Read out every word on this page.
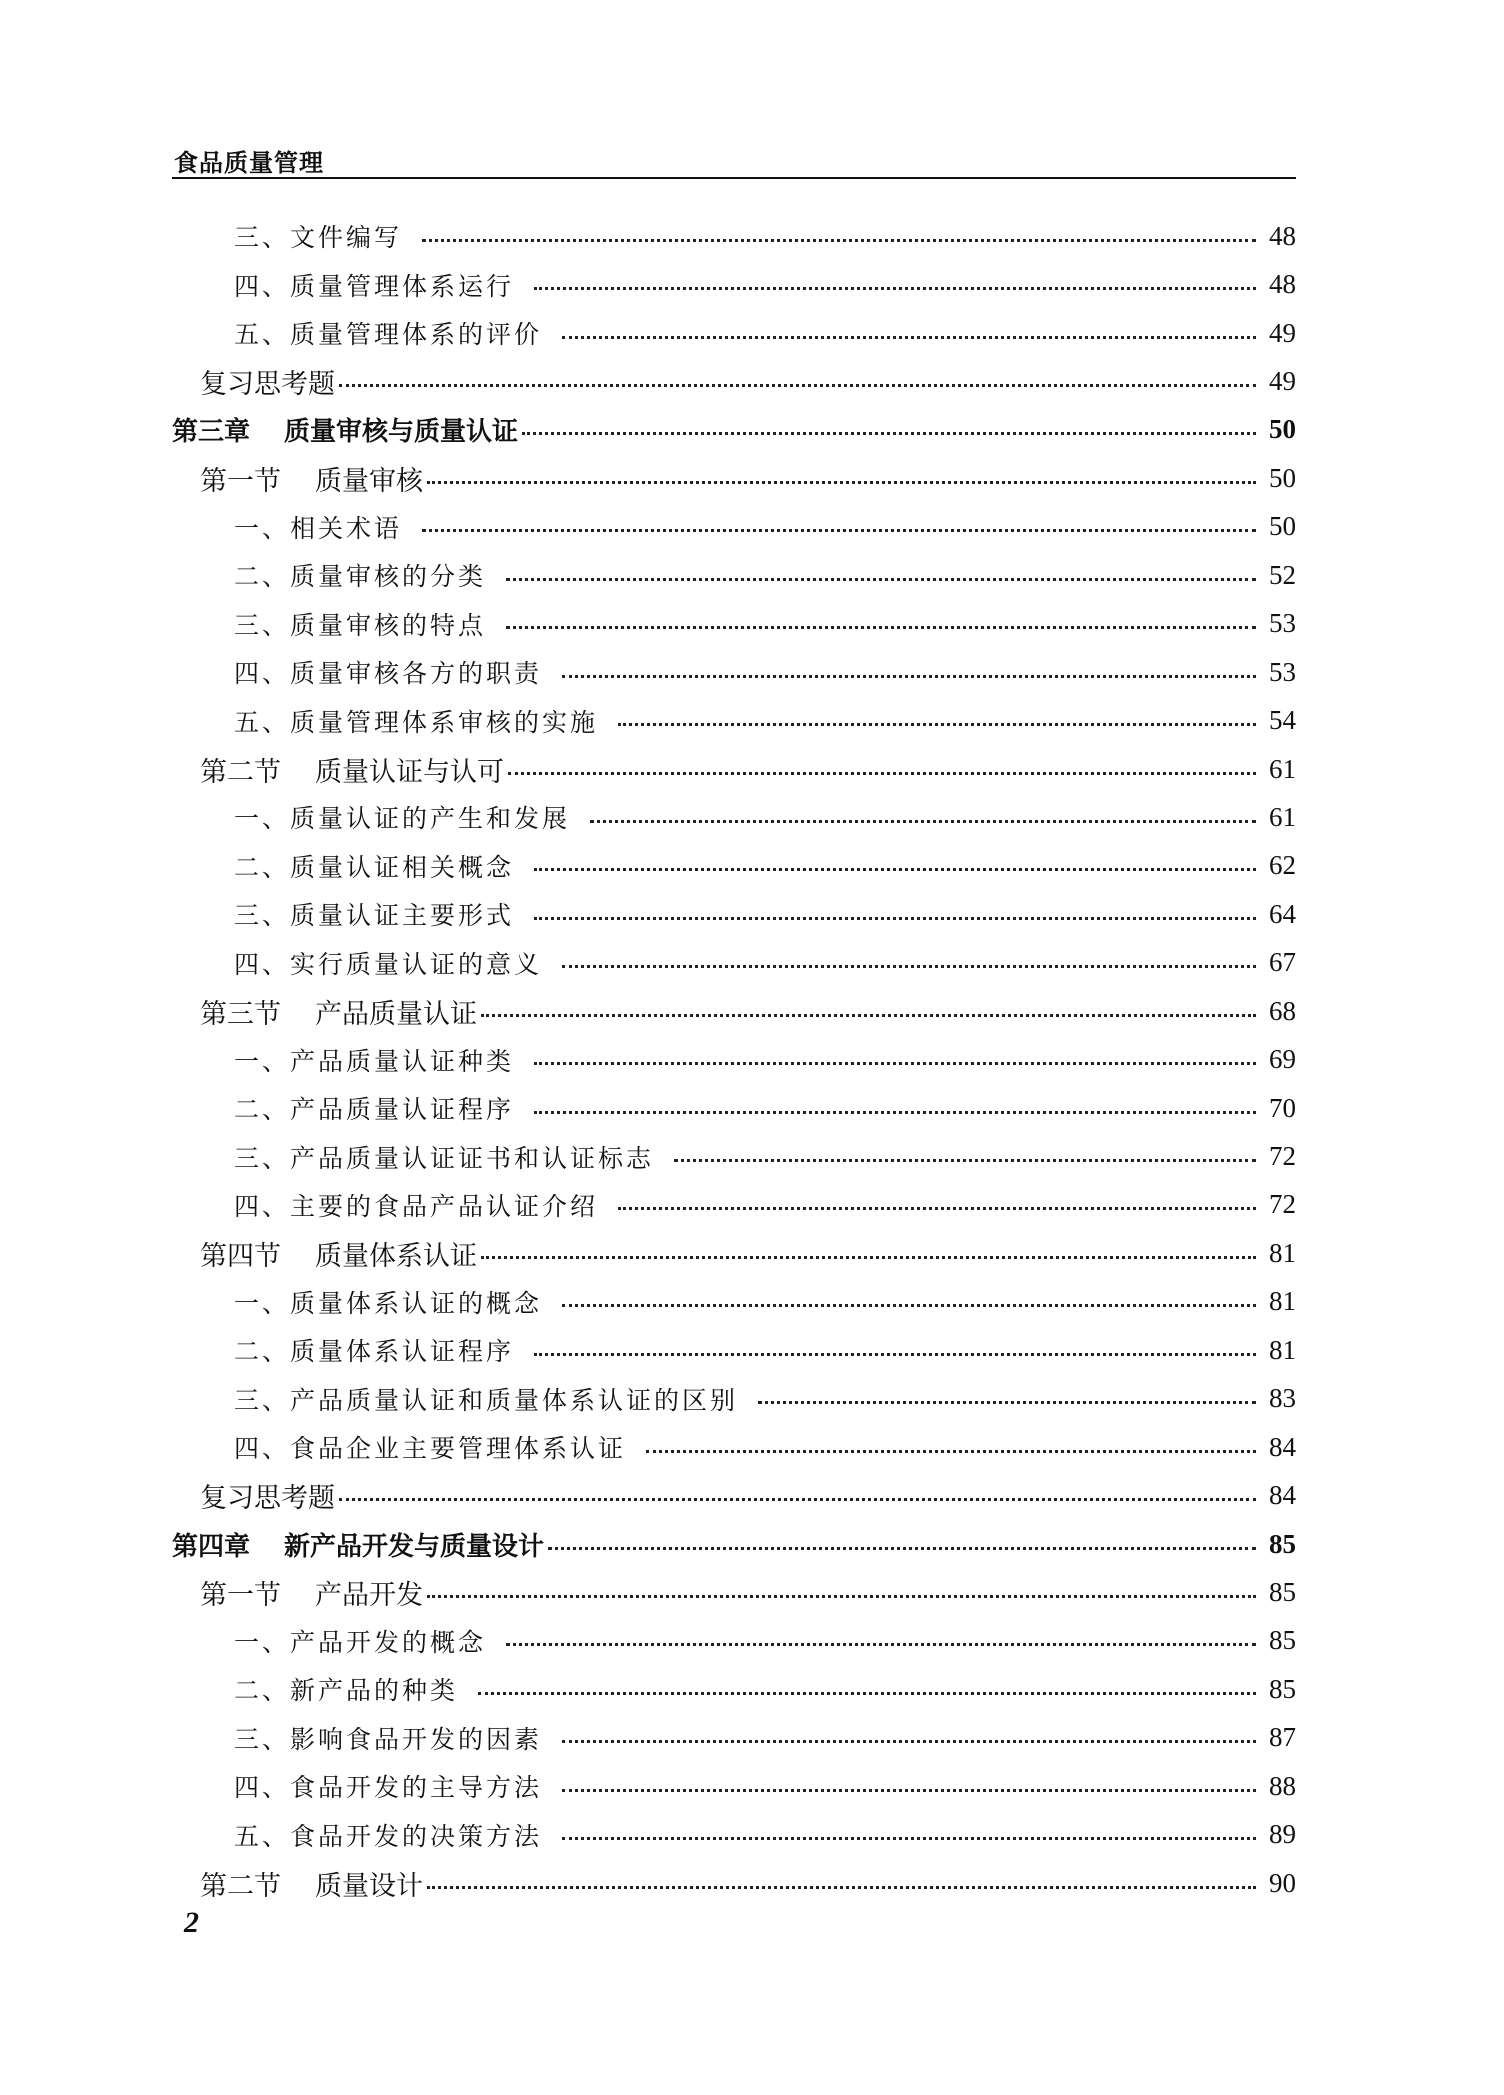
食品质量管理
三、文件编写	48
四、质量管理体系运行	48
五、质量管理体系的评价	49
复习思考题	49
第三章 质量审核与质量认证	50
第一节 质量审核	50
一、相关术语	50
二、质量审核的分类	52
三、质量审核的特点	53
四、质量审核各方的职责	53
五、质量管理体系审核的实施	54
第二节 质量认证与认可	61
一、质量认证的产生和发展	61
二、质量认证相关概念	62
三、质量认证主要形式	64
四、实行质量认证的意义	67
第三节 产品质量认证	68
一、产品质量认证种类	69
二、产品质量认证程序	70
三、产品质量认证证书和认证标志	72
四、主要的食品产品认证介绍	72
第四节 质量体系认证	81
一、质量体系认证的概念	81
二、质量体系认证程序	81
三、产品质量认证和质量体系认证的区别	83
四、食品企业主要管理体系认证	84
复习思考题	84
第四章 新产品开发与质量设计	85
第一节 产品开发	85
一、产品开发的概念	85
二、新产品的种类	85
三、影响食品开发的因素	87
四、食品开发的主导方法	88
五、食品开发的决策方法	89
第二节 质量设计	90
2
